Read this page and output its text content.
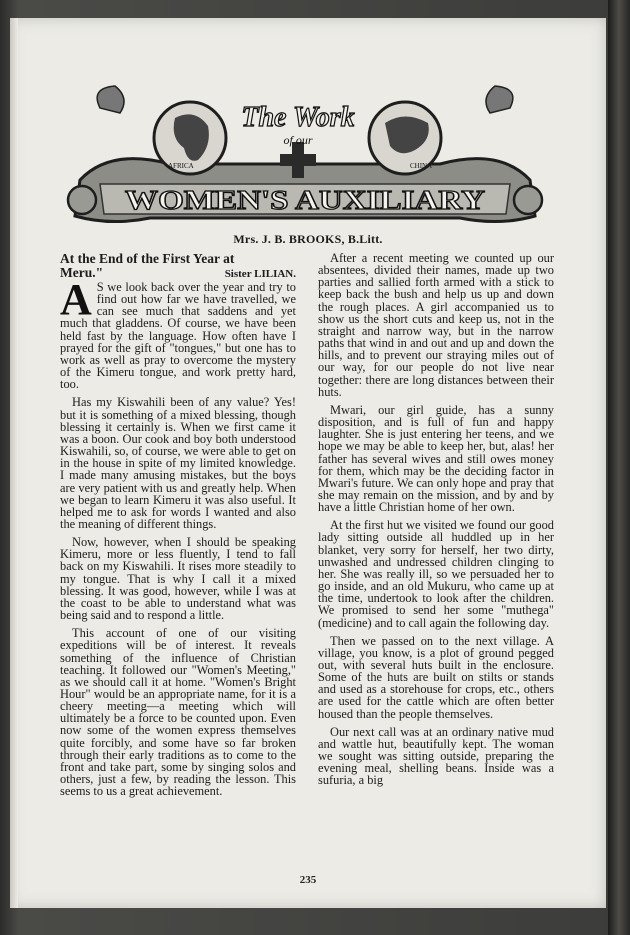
AFRICA	CHINA
The Work
of our
WOMEN'S AUXILIARY
Mrs. J. B. BROOKS, B.Litt.
At the End of the First Year at
Meru."	Sister LILIAN.

A S we look back over the year and try to find out how far we have travelled, we can see much that saddens and yet much that gladdens. Of course, we have been held fast by the language. How often have I prayed for the gift of "tongues," but one has to work as well as pray to overcome the mystery of the Kimeru tongue, and work pretty hard, too.

Has my Kiswahili been of any value? Yes! but it is something of a mixed blessing, though blessing it certainly is. When we first came it was a boon. Our cook and boy both understood Kiswahili, so, of course, we were able to get on in the house in spite of my limited knowledge. I made many amusing mistakes, but the boys are very patient with us and greatly help. When we began to learn Kimeru it was also useful. It helped me to ask for words I wanted and also the meaning of different things.

Now, however, when I should be speaking Kimeru, more or less fluently, I tend to fall back on my Kiswahili. It rises more steadily to my tongue. That is why I call it a mixed blessing. It was good, however, while I was at the coast to be able to understand what was being said and to respond a little.

This account of one of our visiting expeditions will be of interest. It reveals something of the influence of Christian teaching. It followed our "Women's Meeting," as we should call it at home. "Women's Bright Hour" would be an appropriate name, for it is a cheery meeting—a meeting which will ultimately be a force to be counted upon. Even now some of the women express themselves quite forcibly, and some have so far broken through their early traditions as to come to the front and take part, some by singing solos and others, just a few, by reading the lesson. This seems to us a great achievement.

After a recent meeting we counted up our absentees, divided their names, made up two parties and sallied forth armed with a stick to keep back the bush and help us up and down the rough places. A girl accompanied us to show us the short cuts and keep us, not in the straight and narrow way, but in the narrow paths that wind in and out and up and down the hills, and to prevent our straying miles out of our way, for our people do not live near together: there are long distances between their huts.

Mwari, our girl guide, has a sunny disposition, and is full of fun and happy laughter. She is just entering her teens, and we hope we may be able to keep her, but, alas! her father has several wives and still owes money for them, which may be the deciding factor in Mwari's future. We can only hope and pray that she may remain on the mission, and by and by have a little Christian home of her own.

At the first hut we visited we found our good lady sitting outside all huddled up in her blanket, very sorry for herself, her two dirty, unwashed and undressed children clinging to her. She was really ill, so we persuaded her to go inside, and an old Mukuru, who came up at the time, undertook to look after the children. We promised to send her some "muthega" (medicine) and to call again the following day.

Then we passed on to the next village. A village, you know, is a plot of ground pegged out, with several huts built in the enclosure. Some of the huts are built on stilts or stands and used as a storehouse for crops, etc., others are used for the cattle which are often better housed than the people themselves.

Our next call was at an ordinary native mud and wattle hut, beautifully kept. The woman we sought was sitting outside, preparing the evening meal, shelling beans. Inside was a sufuria, a big

235
